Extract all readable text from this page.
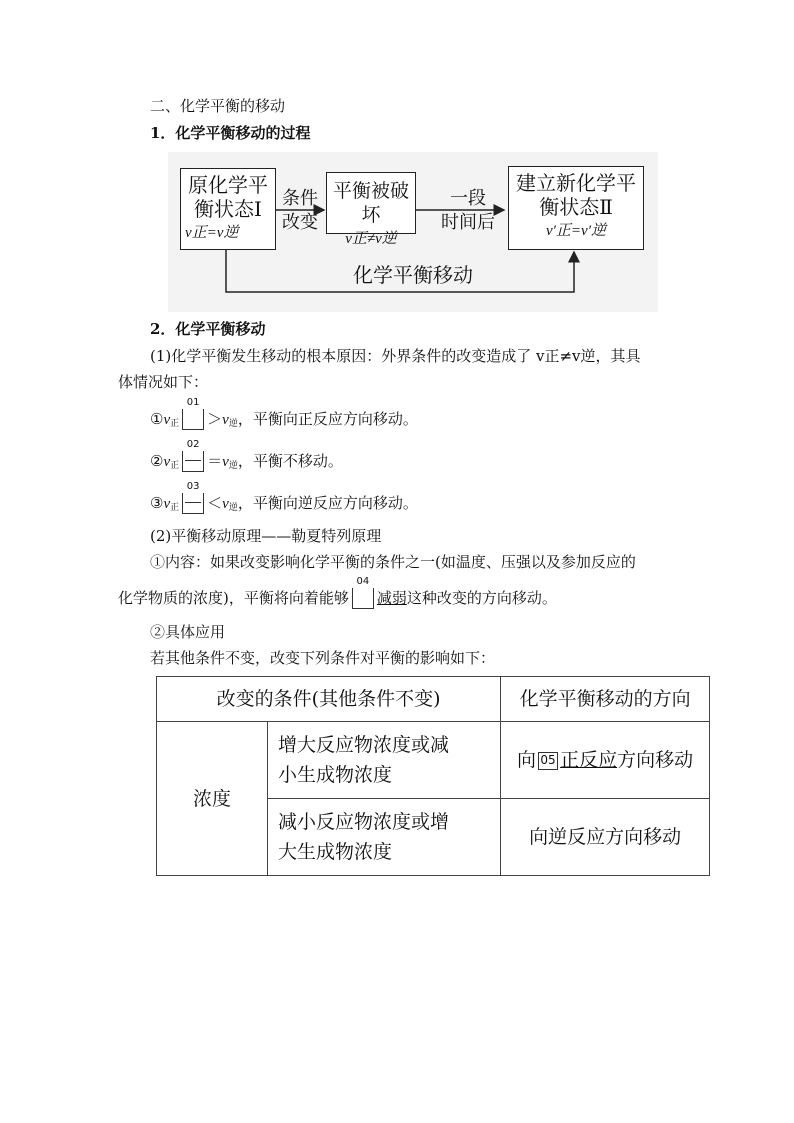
二、化学平衡的移动
1．化学平衡移动的过程
原化学平
衡状态Ⅰ
v正=v逆
条件
改变
平衡被破坏
v正≠v逆
一段
时间后
建立新化学平
衡状态Ⅱ
v′正=v′逆
化学平衡移动
2．化学平衡移动
(1)化学平衡发生移动的根本原因：外界条件的改变造成了 v正≠v逆，其具
体情况如下：
$①v_正$
01
$>v_逆$，平衡向正反应方向移动。
$②v_正$
02
$=v_逆$，平衡不移动。
$③v_正$
03
$<v_逆$，平衡向逆反应方向移动。
(2)平衡移动原理——勒夏特列原理
①内容：如果改变影响化学平衡的条件之一(如温度、压强以及参加反应的
化学物质的浓度)，平衡将向着能够
04
减弱这种改变的方向移动。
②具体应用
若其他条件不变，改变下列条件对平衡的影响如下：
改变的条件(其他条件不变)		化学平衡移动的方向
浓度	增大反应物浓度或减
小生成物浓度	向 05 正反应方向移动

	减小反应物浓度或增
大生成物浓度	向逆反应方向移动
